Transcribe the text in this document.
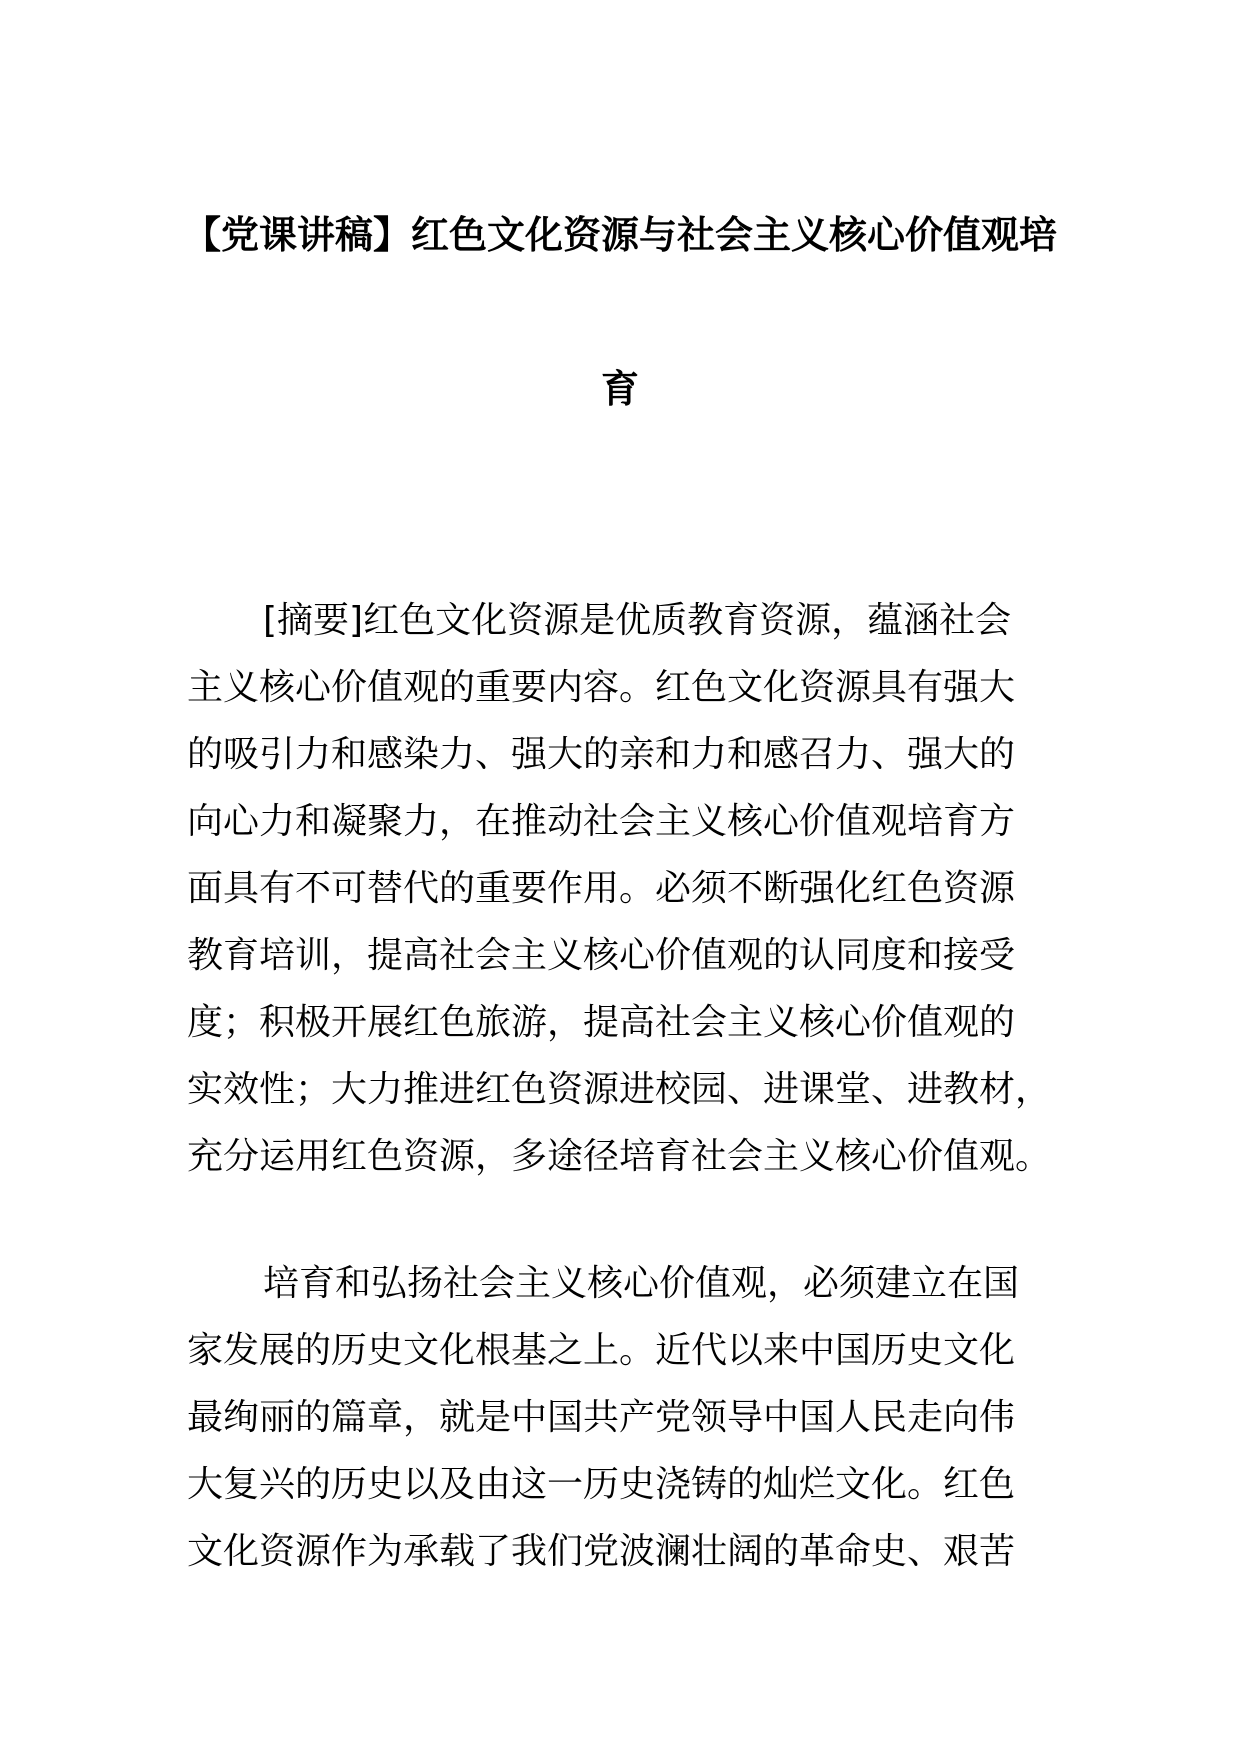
【党课讲稿】红色文化资源与社会主义核心价值观培
育
[摘要]红色文化资源是优质教育资源，蕴涵社会
主义核心价值观的重要内容。红色文化资源具有强大
的吸引力和感染力、强大的亲和力和感召力、强大的
向心力和凝聚力，在推动社会主义核心价值观培育方
面具有不可替代的重要作用。必须不断强化红色资源
教育培训，提高社会主义核心价值观的认同度和接受
度；积极开展红色旅游，提高社会主义核心价值观的
实效性；大力推进红色资源进校园、进课堂、进教材，
充分运用红色资源，多途径培育社会主义核心价值观。
培育和弘扬社会主义核心价值观，必须建立在国
家发展的历史文化根基之上。近代以来中国历史文化
最绚丽的篇章，就是中国共产党领导中国人民走向伟
大复兴的历史以及由这一历史浇铸的灿烂文化。红色
文化资源作为承载了我们党波澜壮阔的革命史、艰苦
